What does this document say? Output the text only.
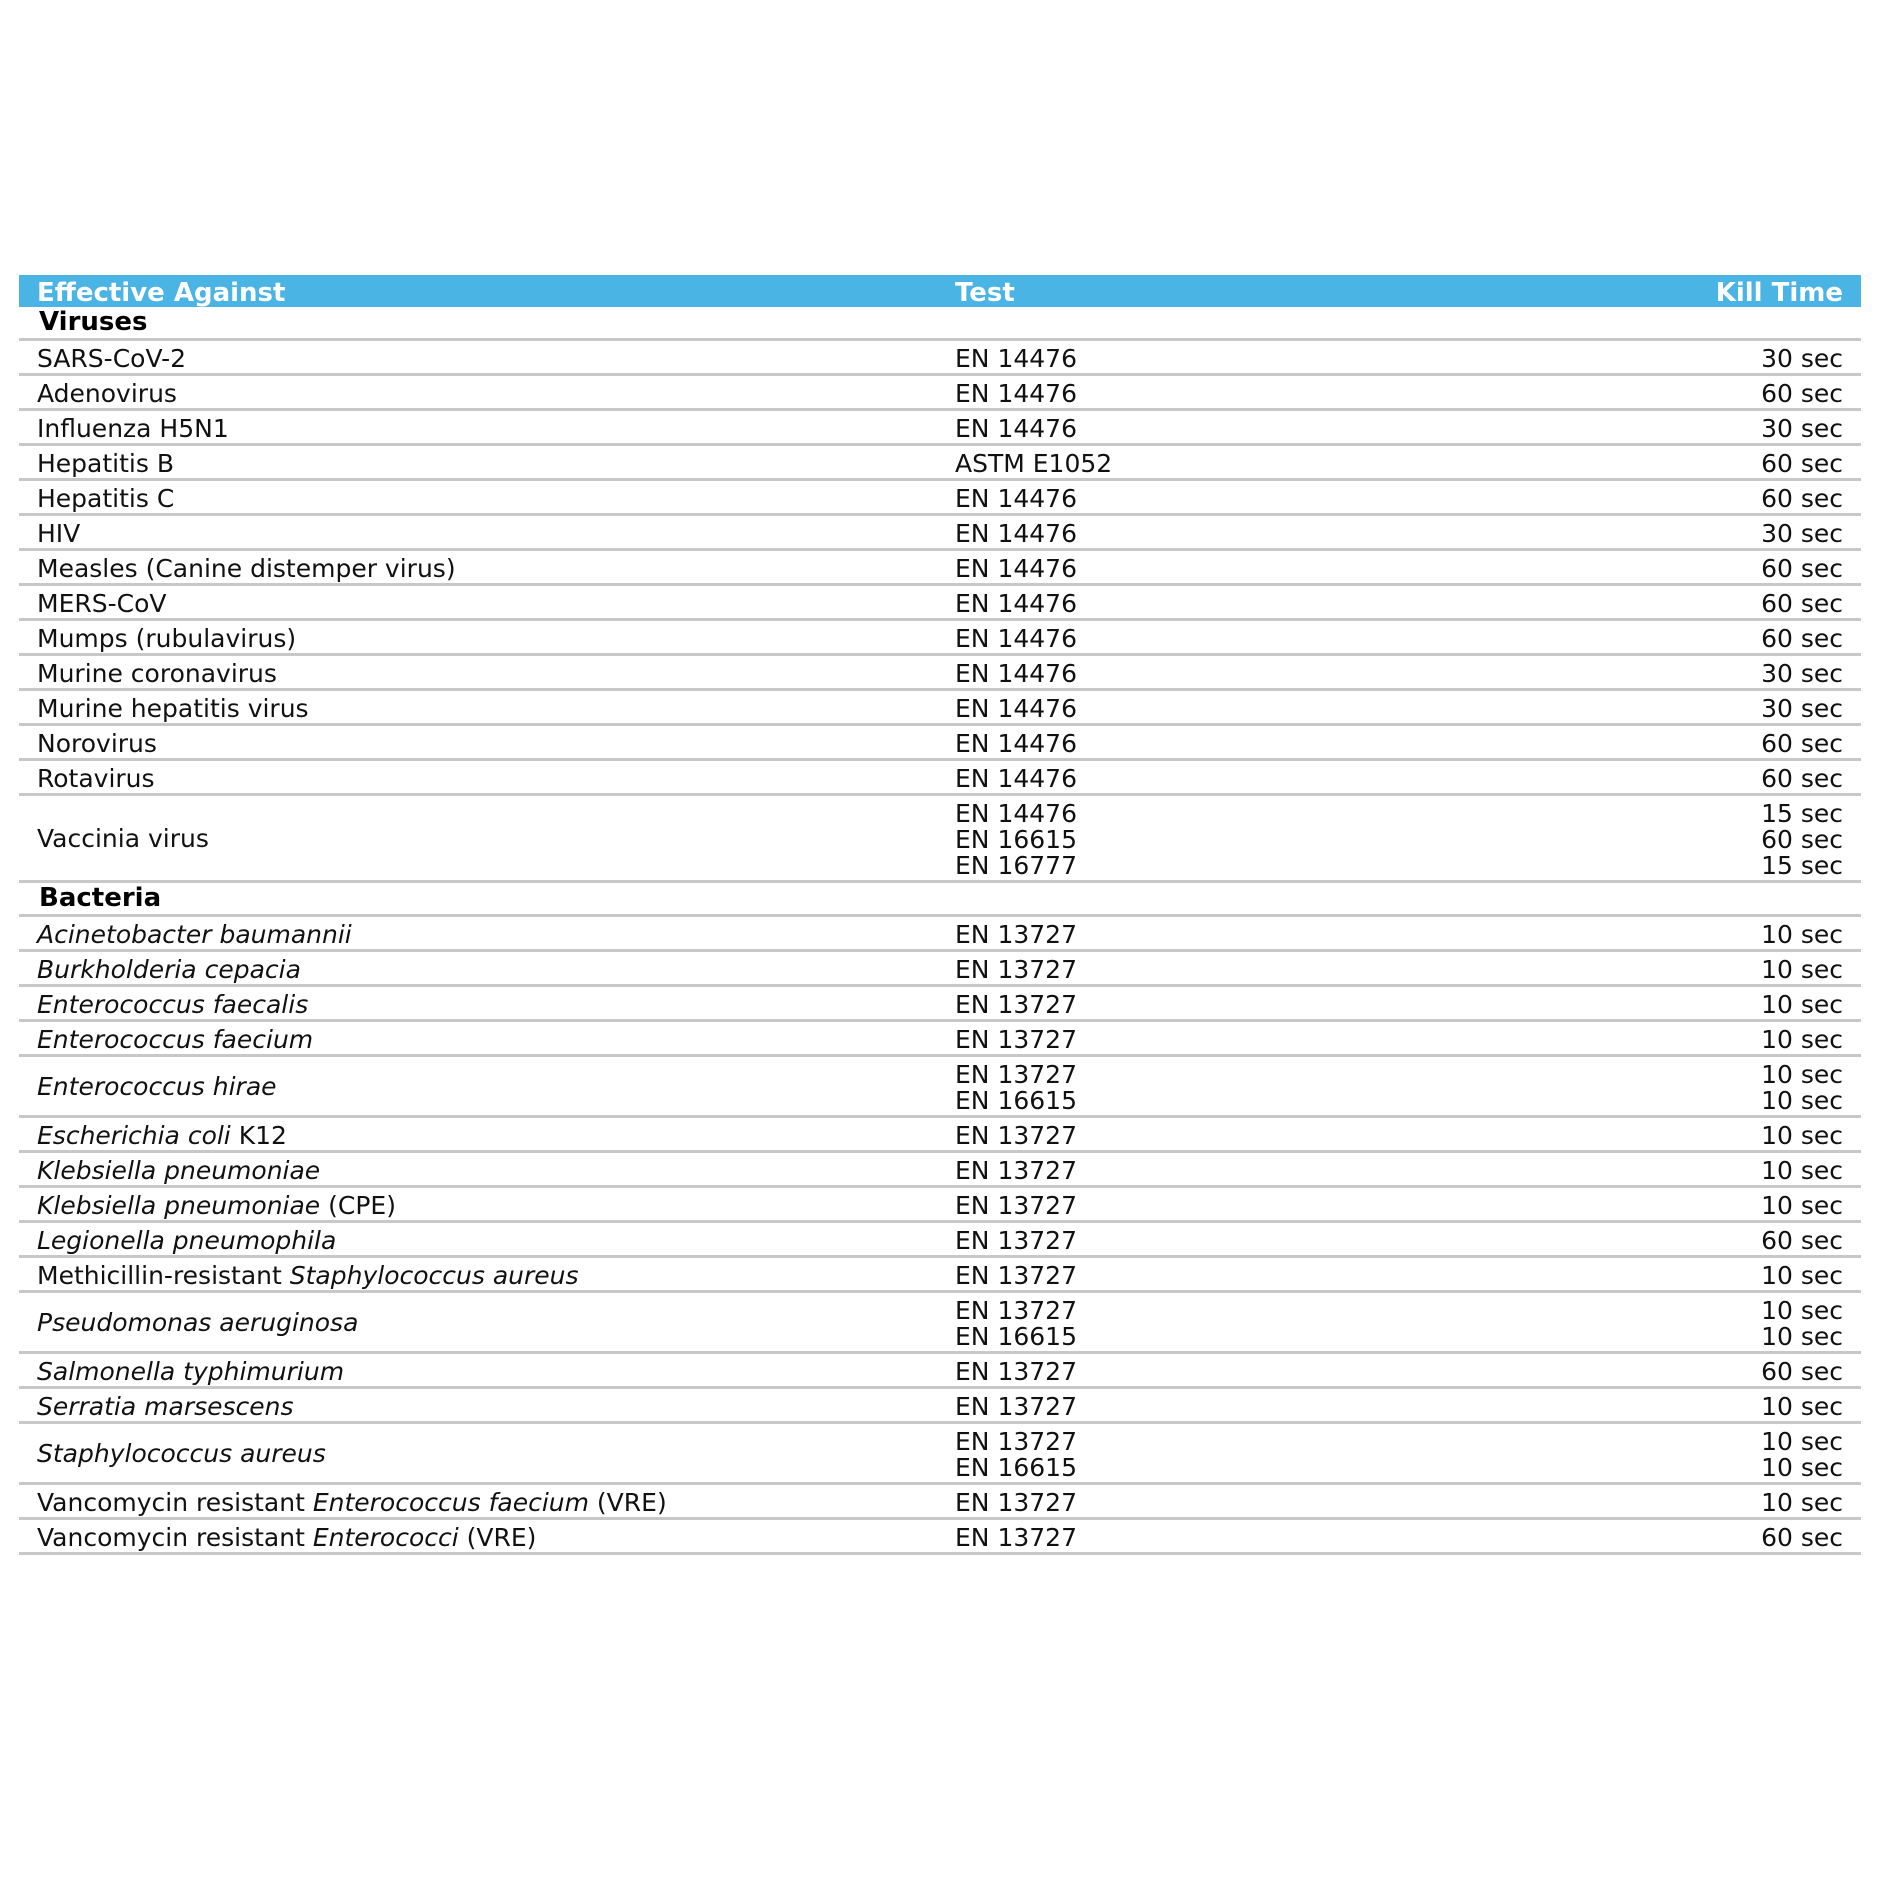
Effective Against	Test	Kill Time
Viruses
SARS-CoV-2	EN 14476	30 sec
Adenovirus	EN 14476	60 sec
Influenza H5N1	EN 14476	30 sec
Hepatitis B	ASTM E1052	60 sec
Hepatitis C	EN 14476	60 sec
HIV	EN 14476	30 sec
Measles (Canine distemper virus)	EN 14476	60 sec
MERS-CoV	EN 14476	60 sec
Mumps (rubulavirus)	EN 14476	60 sec
Murine coronavirus	EN 14476	30 sec
Murine hepatitis virus	EN 14476	30 sec
Norovirus	EN 14476	60 sec
Rotavirus	EN 14476	60 sec
Vaccinia virus
EN 14476	15 sec
EN 16615	60 sec
EN 16777	15 sec
Bacteria
Acinetobacter baumannii	EN 13727	10 sec
Burkholderia cepacia	EN 13727	10 sec
Enterococcus faecalis	EN 13727	10 sec
Enterococcus faecium	EN 13727	10 sec
Enterococcus hirae	EN 13727	10 sec
EN 16615	10 sec
Escherichia coli K12	EN 13727	10 sec
Klebsiella pneumoniae	EN 13727	10 sec
Klebsiella pneumoniae (CPE)	EN 13727	10 sec
Legionella pneumophila	EN 13727	60 sec
Methicillin-resistant Staphylococcus aureus	EN 13727	10 sec
Pseudomonas aeruginosa	EN 13727	10 sec
EN 16615	10 sec
Salmonella typhimurium	EN 13727	60 sec
Serratia marsescens	EN 13727	10 sec
Staphylococcus aureus	EN 13727	10 sec
EN 16615	10 sec
Vancomycin resistant Enterococcus faecium (VRE)	EN 13727	10 sec
Vancomycin resistant Enterococci (VRE)	EN 13727	60 sec
